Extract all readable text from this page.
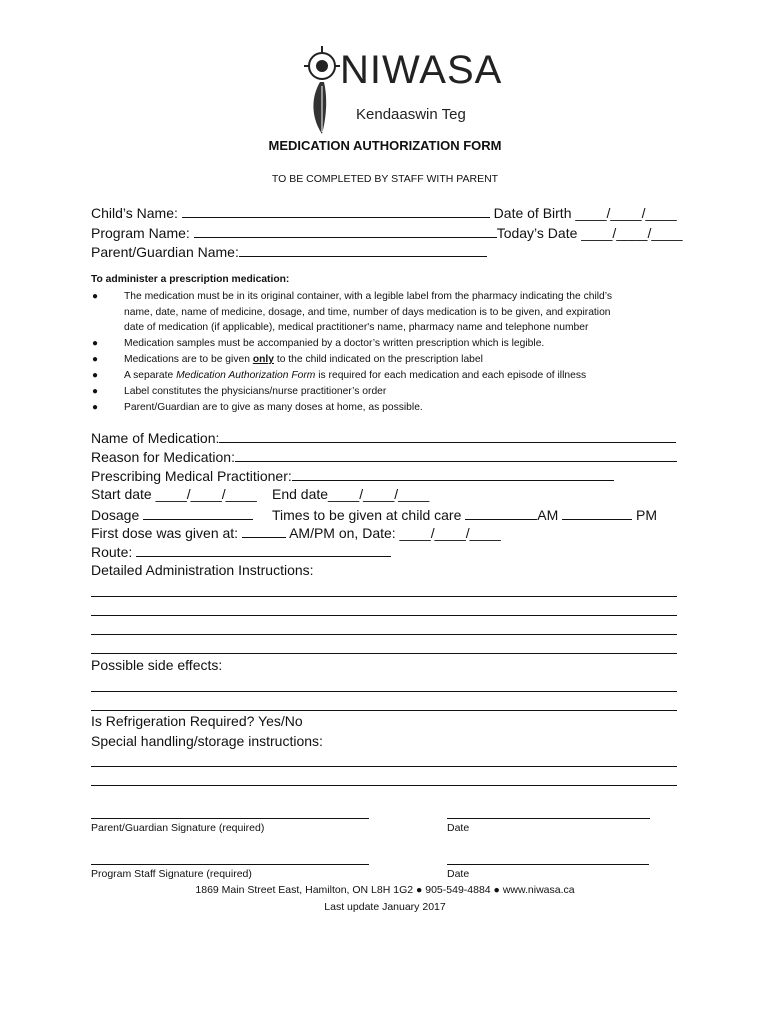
NIWASA
Kendaaswin Teg
MEDICATION AUTHORIZATION FORM
TO BE COMPLETED BY STAFF WITH PARENT
Child’s Name:	Date of Birth ____/____/____
Program Name:	Today’s Date ____/____/____
Parent/Guardian Name:
To administer a prescription medication:
●	The medication must be in its original container, with a legible label from the pharmacy indicating the child’s
name, date, name of medicine, dosage, and time, number of days medication is to be given, and expiration
date of medication (if applicable), medical practitioner's name, pharmacy name and telephone number
●	Medication samples must be accompanied by a doctor’s written prescription which is legible.
●	Medications are to be given only to the child indicated on the prescription label
●	A separate Medication Authorization Form is required for each medication and each episode of illness
●	Label constitutes the physicians/nurse practitioner’s order
●	Parent/Guardian are to give as many doses at home, as possible.
Name of Medication:
Reason for Medication:
Prescribing Medical Practitioner:
Start date ____/____/____ End date____/____/____
Dosage	Times to be given at child care	AM	PM
First dose was given at:	AM/PM on, Date: ____/____/____
Route:
Detailed Administration Instructions:
Possible side effects:
Is Refrigeration Required? Yes/No
Special handling/storage instructions:
Parent/Guardian Signature (required)	Date
Program Staff Signature (required)	Date
1869 Main Street East, Hamilton, ON L8H 1G2 ● 905-549-4884 ● www.niwasa.ca
Last update January 2017
